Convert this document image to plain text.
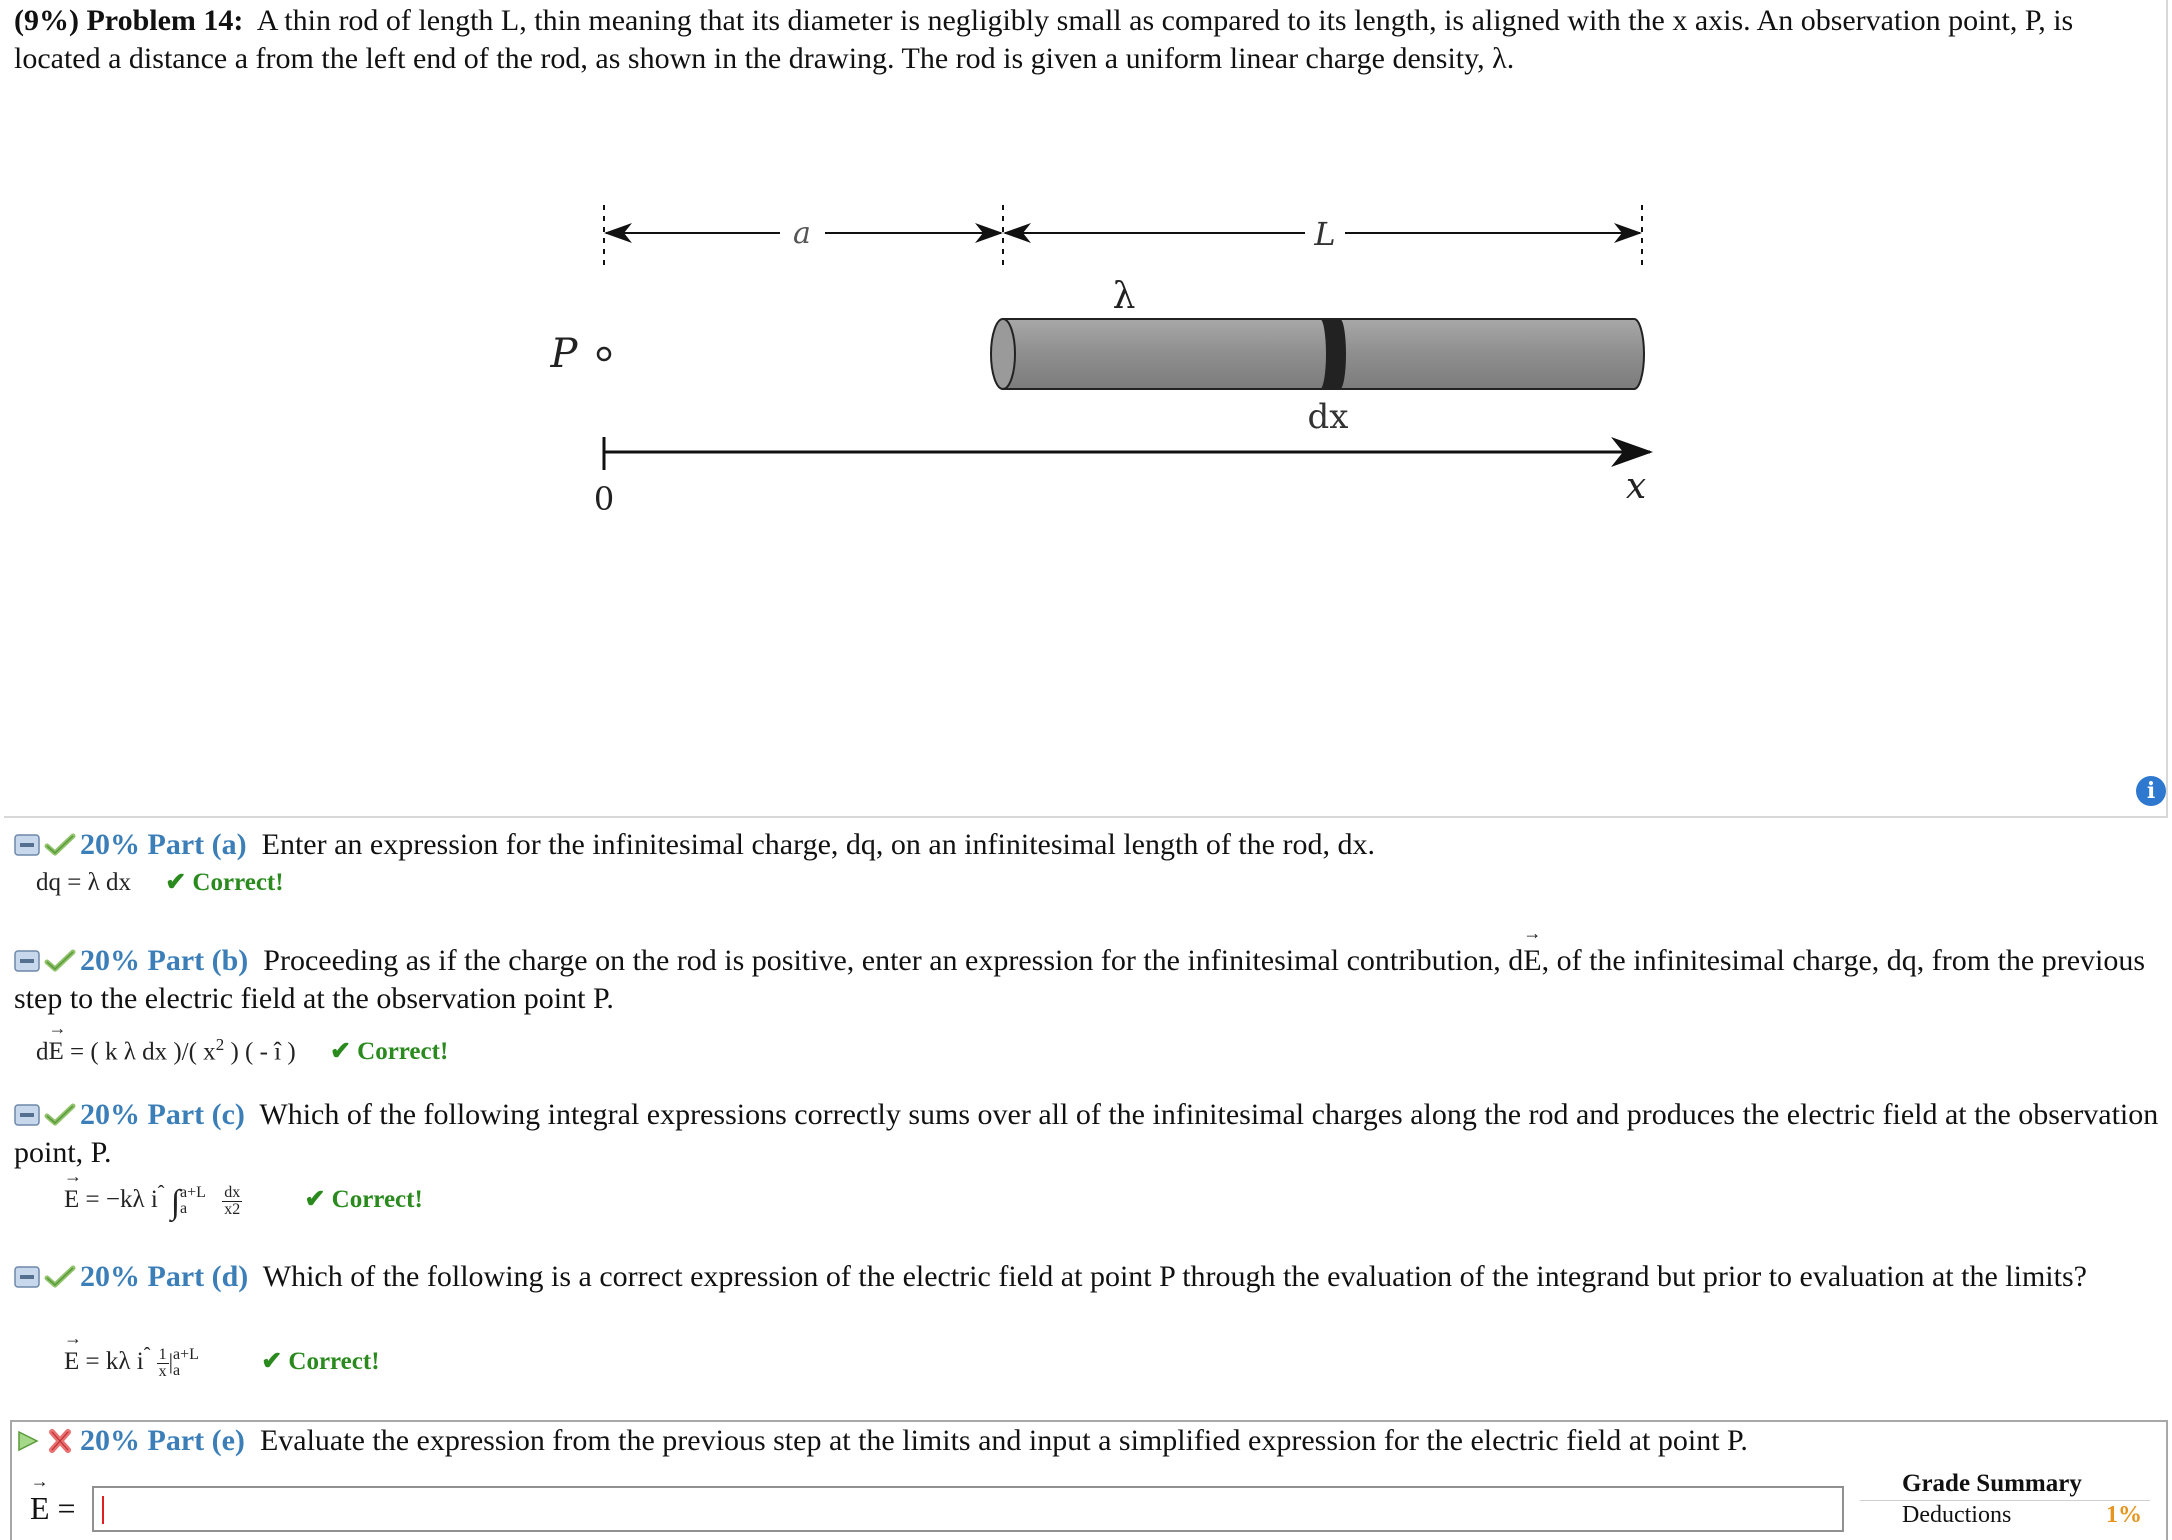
(9%) Problem 14: A thin rod of length L, thin meaning that its diameter is negligibly small as compared to its length, is aligned with the x axis. An observation point, P, is located a distance a from the left end of the rod, as shown in the drawing. The rod is given a uniform linear charge density, λ.
a	L
λ
P
dx
0	x
i
20% Part (a) Enter an expression for the infinitesimal charge, dq, on an infinitesimal length of the rod, dx.
dq = λ dx ✔ Correct!
20% Part (b) Proceeding as if the charge on the rod is positive, enter an expression for the infinitesimal contribution, d→ E, of the infinitesimal charge, dq, from the previous step to the electric field at the observation point P.
d→ E = ( k λ dx )/( $x^2$ ) ( - î ) ✔ Correct!
20% Part (c) Which of the following integral expressions correctly sums over all of the infinitesimal charges along the rod and produces the electric field at the observation point, P.
→ E = −kλ $i^ˆ$ ∫ a+L
a
	$\frac{dx}{x2}$ ✔ Correct!
20% Part (d) Which of the following is a correct expression of the electric field at point P through the evaluation of the integrand but prior to evaluation at the limits?
→ E = kλ $i^ˆ \frac{1}{x}$ | a+L
a	✔ Correct!
20% Part (e) Evaluate the expression from the previous step at the limits and input a simplified expression for the electric field at point P.
→ E =
Grade Summary
Deductions	1%
